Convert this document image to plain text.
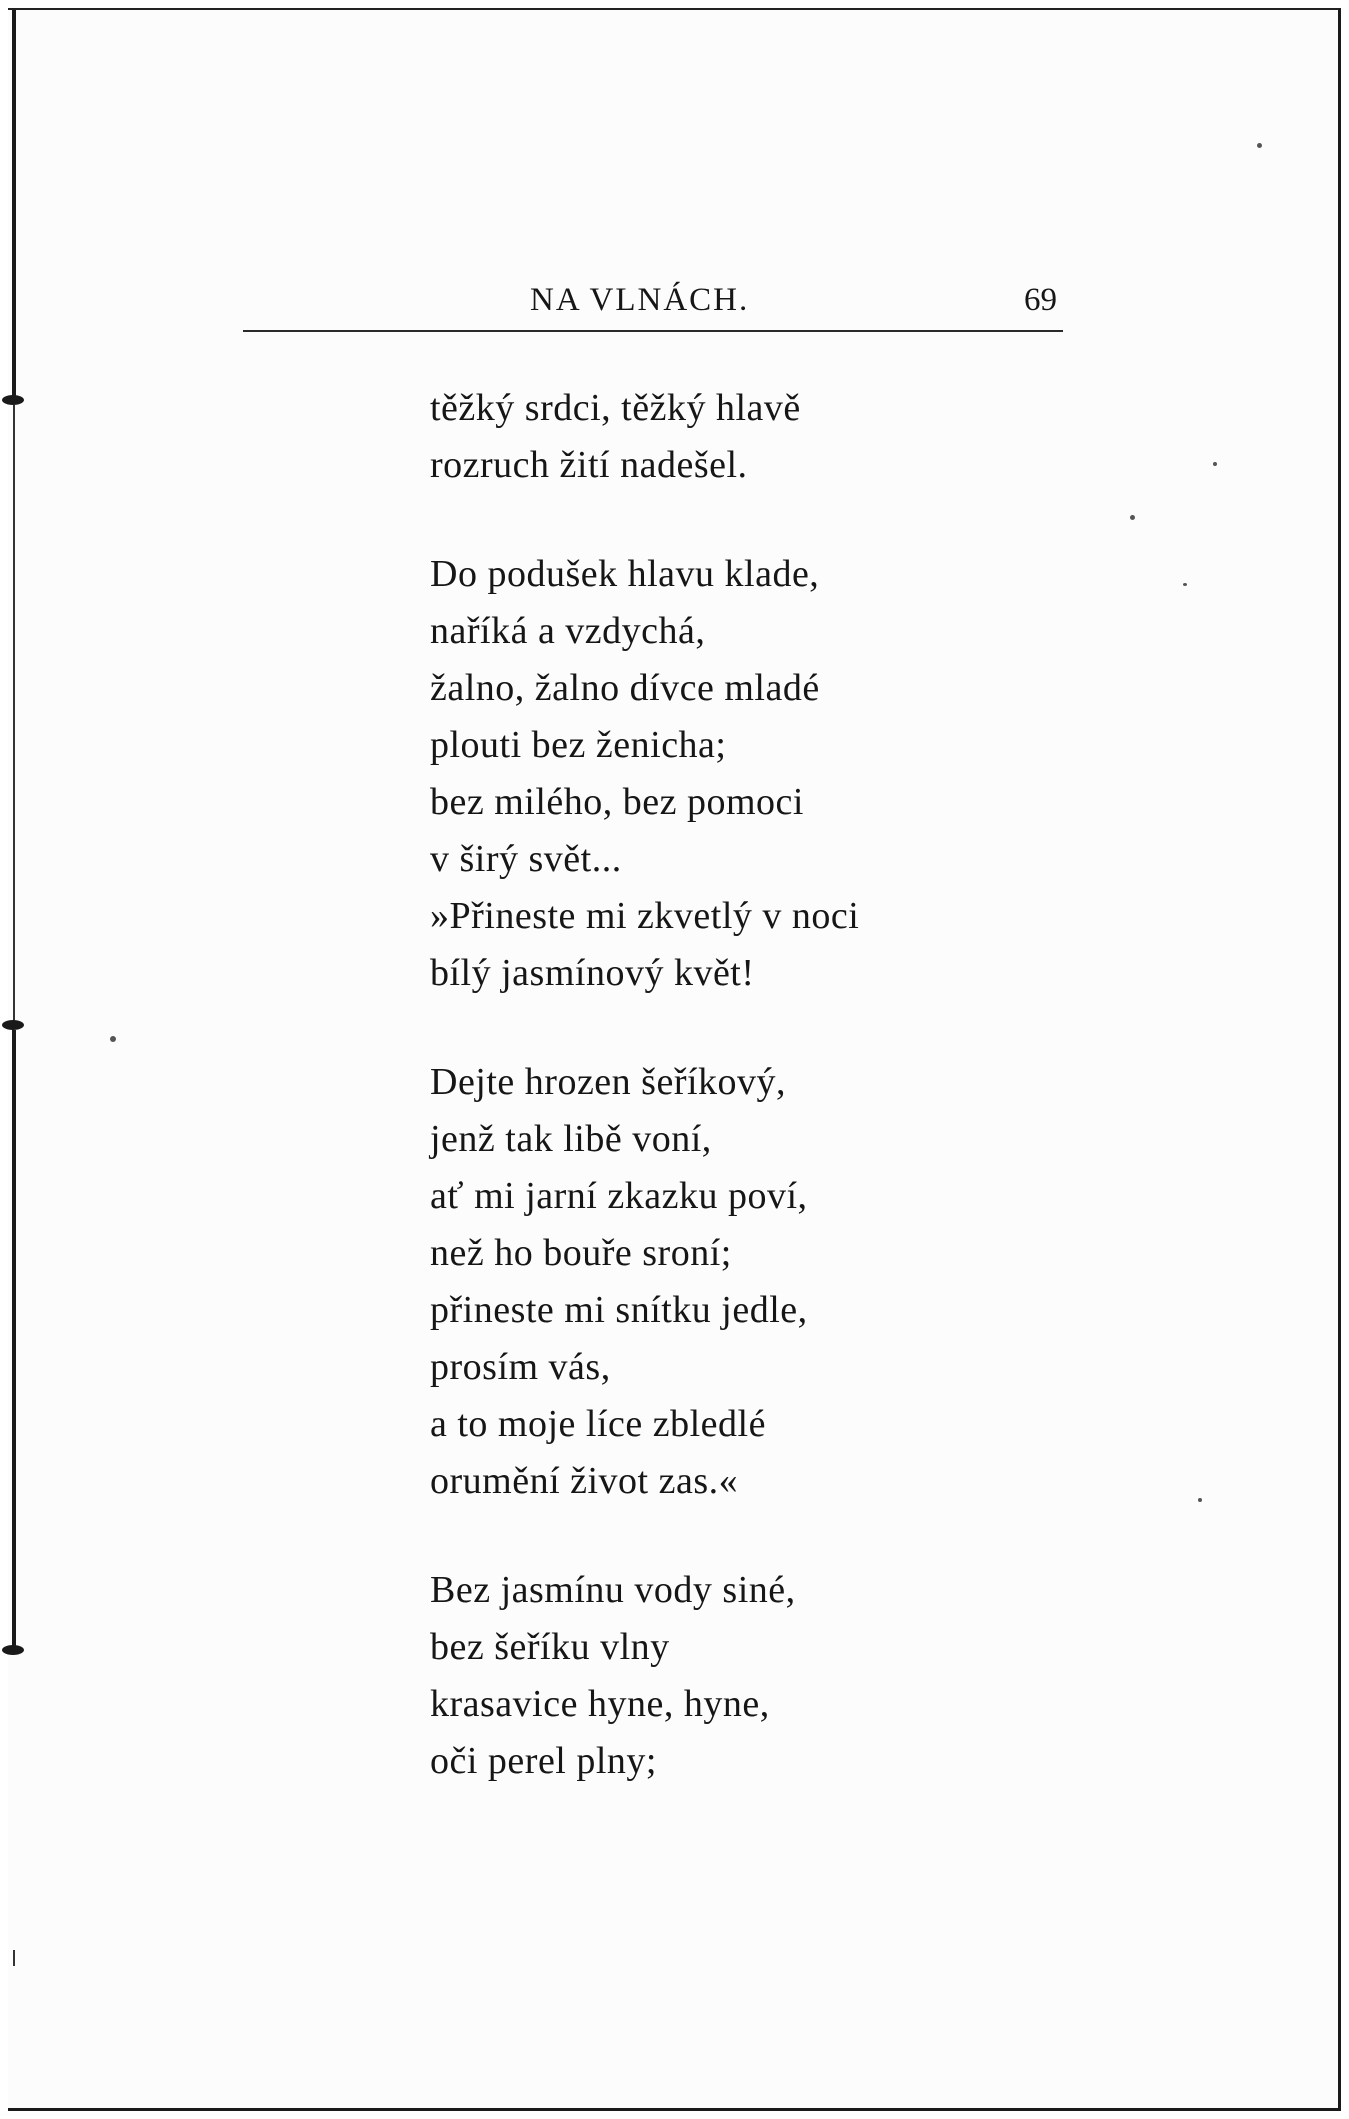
NA VLNÁCH.	69
těžký srdci, těžký hlavě
rozruch žití nadešel.
Do podušek hlavu klade,
naříká a vzdychá,
žalno, žalno dívce mladé
plouti bez ženicha;
bez milého, bez pomoci
v širý svět...
»Přineste mi zkvetlý v noci
bílý jasmínový květ!
Dejte hrozen šeříkový,
jenž tak libě voní,
ať mi jarní zkazku poví,
než ho bouře sroní;
přineste mi snítku jedle,
prosím vás,
a to moje líce zbledlé
orumění život zas.«
Bez jasmínu vody siné,
bez šeříku vlny
krasavice hyne, hyne,
oči perel plny;
